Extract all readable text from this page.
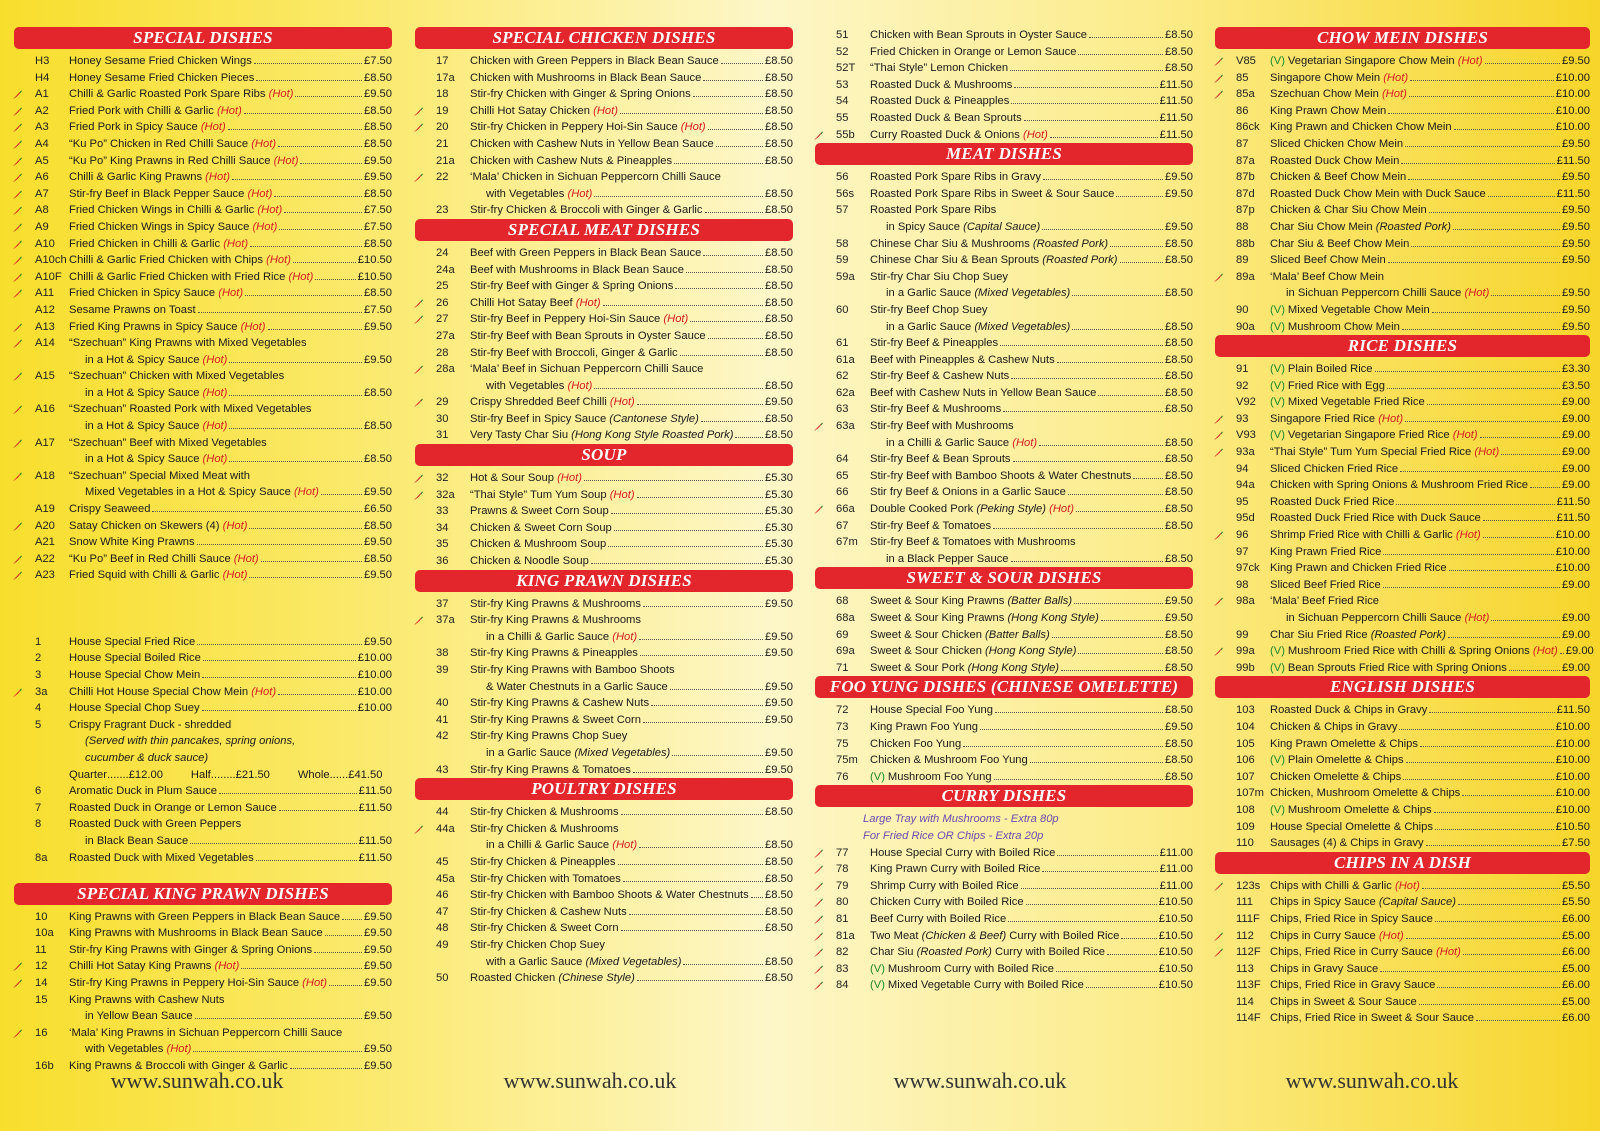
SPECIAL DISHES
H3	Honey Sesame Fried Chicken Wings	£7.50
H4	Honey Sesame Fried Chicken Pieces	£8.50
A1	Chilli & Garlic Roasted Pork Spare Ribs (Hot)	£9.50
A2	Fried Pork with Chilli & Garlic (Hot)	£8.50
A3	Fried Pork in Spicy Sauce (Hot)	£8.50
A4	“Ku Po” Chicken in Red Chilli Sauce (Hot)	£8.50
A5	“Ku Po” King Prawns in Red Chilli Sauce (Hot)	£9.50
A6	Chilli & Garlic King Prawns (Hot)	£9.50
A7	Stir-fry Beef in Black Pepper Sauce (Hot)	£8.50
A8	Fried Chicken Wings in Chilli & Garlic (Hot)	£7.50
A9	Fried Chicken Wings in Spicy Sauce (Hot)	£7.50
A10	Fried Chicken in Chilli & Garlic (Hot)	£8.50
A10ch Chilli & Garlic Fried Chicken with Chips (Hot)	£10.50
A10F Chilli & Garlic Fried Chicken with Fried Rice (Hot)	£10.50
A11	Fried Chicken in Spicy Sauce (Hot)	£8.50
A12	Sesame Prawns on Toast	£7.50
A13	Fried King Prawns in Spicy Sauce (Hot)	£9.50
A14	“Szechuan” King Prawns with Mixed Vegetables
in a Hot & Spicy Sauce (Hot)	£9.50
A15	“Szechuan” Chicken with Mixed Vegetables
in a Hot & Spicy Sauce (Hot)	£8.50
A16	“Szechuan” Roasted Pork with Mixed Vegetables
in a Hot & Spicy Sauce (Hot)	£8.50
A17	“Szechuan” Beef with Mixed Vegetables
in a Hot & Spicy Sauce (Hot)	£8.50
A18	“Szechuan” Special Mixed Meat with
Mixed Vegetables in a Hot & Spicy Sauce (Hot)	£9.50
A19	Crispy Seaweed	£6.50
A20	Satay Chicken on Skewers (4) (Hot)	£8.50
A21	Snow White King Prawns	£9.50
A22	“Ku Po” Beef in Red Chilli Sauce (Hot)	£8.50
A23	Fried Squid with Chilli & Garlic (Hot)	£9.50
1	House Special Fried Rice	£9.50
2	House Special Boiled Rice	£10.00
3	House Special Chow Mein	£10.00
3a	Chilli Hot House Special Chow Mein (Hot)	£10.00
4	House Special Chop Suey	£10.00
5	Crispy Fragrant Duck - shredded
(Served with thin pancakes, spring onions,
cucumber & duck sauce)
Quarter ....... £12.00 Half ........ £21.50 Whole ...... £41.50
6	Aromatic Duck in Plum Sauce	£11.50
7	Roasted Duck in Orange or Lemon Sauce	£11.50
8	Roasted Duck with Green Peppers
in Black Bean Sauce	£11.50
8a	Roasted Duck with Mixed Vegetables	£11.50
SPECIAL KING PRAWN DISHES
10	King Prawns with Green Peppers in Black Bean Sauce £9.50
10a	King Prawns with Mushrooms in Black Bean Sauce	£9.50
11	Stir-fry King Prawns with Ginger & Spring Onions	£9.50
12	Chilli Hot Satay King Prawns (Hot)	£9.50
14	Stir-fry King Prawns in Peppery Hoi-Sin Sauce (Hot)	£9.50
15	King Prawns with Cashew Nuts
in Yellow Bean Sauce	£9.50
16	‘Mala’ King Prawns in Sichuan Peppercorn Chilli Sauce
with Vegetables (Hot)	£9.50
16b	King Prawns & Broccoli with Ginger & Garlic	£9.50
SPECIAL CHICKEN DISHES
17	Chicken with Green Peppers in Black Bean Sauce	£8.50
17a	Chicken with Mushrooms in Black Bean Sauce	£8.50
18	Stir-fry Chicken with Ginger & Spring Onions	£8.50
19	Chilli Hot Satay Chicken (Hot)	£8.50
20	Stir-fry Chicken in Peppery Hoi-Sin Sauce (Hot)	£8.50
21	Chicken with Cashew Nuts in Yellow Bean Sauce	£8.50
21a	Chicken with Cashew Nuts & Pineapples	£8.50
22	‘Mala’ Chicken in Sichuan Peppercorn Chilli Sauce
with Vegetables (Hot)	£8.50
23	Stir-fry Chicken & Broccoli with Ginger & Garlic	£8.50
SPECIAL MEAT DISHES
24	Beef with Green Peppers in Black Bean Sauce	£8.50
24a	Beef with Mushrooms in Black Bean Sauce	£8.50
25	Stir-fry Beef with Ginger & Spring Onions	£8.50
26	Chilli Hot Satay Beef (Hot)	£8.50
27	Stir-fry Beef in Peppery Hoi-Sin Sauce (Hot)	£8.50
27a	Stir-fry Beef with Bean Sprouts in Oyster Sauce	£8.50
28	Stir-fry Beef with Broccoli, Ginger & Garlic	£8.50
28a	‘Mala’ Beef in Sichuan Peppercorn Chilli Sauce
with Vegetables (Hot)	£8.50
29	Crispy Shredded Beef Chilli (Hot)	£9.50
30	Stir-fry Beef in Spicy Sauce (Cantonese Style)	£8.50
31	Very Tasty Char Siu (Hong Kong Style Roasted Pork)	£8.50
SOUP
32	Hot & Sour Soup (Hot)	£5.30
32a	“Thai Style” Tum Yum Soup (Hot)	£5.30
33	Prawns & Sweet Corn Soup	£5.30
34	Chicken & Sweet Corn Soup	£5.30
35	Chicken & Mushroom Soup	£5.30
36	Chicken & Noodle Soup	£5.30
KING PRAWN DISHES
37	Stir-fry King Prawns & Mushrooms	£9.50
37a	Stir-fry King Prawns & Mushrooms
in a Chilli & Garlic Sauce (Hot)	£9.50
38	Stir-fry King Prawns & Pineapples	£9.50
39	Stir-fry King Prawns with Bamboo Shoots
& Water Chestnuts in a Garlic Sauce	£9.50
40	Stir-fry King Prawns & Cashew Nuts	£9.50
41	Stir-fry King Prawns & Sweet Corn	£9.50
42	Stir-fry King Prawns Chop Suey
in a Garlic Sauce (Mixed Vegetables)	£9.50
43	Stir-fry King Prawns & Tomatoes	£9.50
POULTRY DISHES
44	Stir-fry Chicken & Mushrooms	£8.50
44a	Stir-fry Chicken & Mushrooms
in a Chilli & Garlic Sauce (Hot)	£8.50
45	Stir-fry Chicken & Pineapples	£8.50
45a	Stir-fry Chicken with Tomatoes	£8.50
46	Stir-fry Chicken with Bamboo Shoots & Water Chestnuts £8.50
47	Stir-fry Chicken & Cashew Nuts	£8.50
48	Stir-fry Chicken & Sweet Corn	£8.50
49	Stir-fry Chicken Chop Suey
with a Garlic Sauce (Mixed Vegetables)	£8.50
50	Roasted Chicken (Chinese Style)	£8.50
51	Chicken with Bean Sprouts in Oyster Sauce	£8.50
52	Fried Chicken in Orange or Lemon Sauce	£8.50
52T	“Thai Style” Lemon Chicken	£8.50
53	Roasted Duck & Mushrooms	£11.50
54	Roasted Duck & Pineapples	£11.50
55	Roasted Duck & Bean Sprouts	£11.50
55b	Curry Roasted Duck & Onions (Hot)	£11.50
MEAT DISHES
56	Roasted Pork Spare Ribs in Gravy	£9.50
56s	Roasted Pork Spare Ribs in Sweet & Sour Sauce	£9.50
57	Roasted Pork Spare Ribs
in Spicy Sauce (Capital Sauce)	£9.50
58	Chinese Char Siu & Mushrooms (Roasted Pork)	£8.50
59	Chinese Char Siu & Bean Sprouts (Roasted Pork)	£8.50
59a	Stir-fry Char Siu Chop Suey
in a Garlic Sauce (Mixed Vegetables)	£8.50
60	Stir-fry Beef Chop Suey
in a Garlic Sauce (Mixed Vegetables)	£8.50
61	Stir-fry Beef & Pineapples	£8.50
61a	Beef with Pineapples & Cashew Nuts	£8.50
62	Stir-fry Beef & Cashew Nuts	£8.50
62a	Beef with Cashew Nuts in Yellow Bean Sauce	£8.50
63	Stir-fry Beef & Mushrooms	£8.50
63a	Stir-fry Beef with Mushrooms
in a Chilli & Garlic Sauce (Hot)	£8.50
64	Stir-fry Beef & Bean Sprouts	£8.50
65	Stir-fry Beef with Bamboo Shoots & Water Chestnuts	£8.50
66	Stir fry Beef & Onions in a Garlic Sauce	£8.50
66a	Double Cooked Pork (Peking Style) (Hot)	£8.50
67	Stir-fry Beef & Tomatoes	£8.50
67m	Stir-fry Beef & Tomatoes with Mushrooms
in a Black Pepper Sauce	£8.50
SWEET & SOUR DISHES
68	Sweet & Sour King Prawns (Batter Balls)	£9.50
68a	Sweet & Sour King Prawns (Hong Kong Style)	£9.50
69	Sweet & Sour Chicken (Batter Balls)	£8.50
69a	Sweet & Sour Chicken (Hong Kong Style)	£8.50
71	Sweet & Sour Pork (Hong Kong Style)	£8.50
FOO YUNG DISHES (CHINESE OMELETTE)
72	House Special Foo Yung	£8.50
73	King Prawn Foo Yung	£9.50
75	Chicken Foo Yung	£8.50
75m	Chicken & Mushroom Foo Yung	£8.50
76	(V) Mushroom Foo Yung	£8.50
CURRY DISHES
Large Tray with Mushrooms - Extra 80p
For Fried Rice OR Chips - Extra 20p
77	House Special Curry with Boiled Rice	£11.00
78	King Prawn Curry with Boiled Rice	£11.00
79	Shrimp Curry with Boiled Rice	£11.00
80	Chicken Curry with Boiled Rice	£10.50
81	Beef Curry with Boiled Rice	£10.50
81a	Two Meat (Chicken & Beef) Curry with Boiled Rice	£10.50
82	Char Siu (Roasted Pork) Curry with Boiled Rice	£10.50
83	(V) Mushroom Curry with Boiled Rice	£10.50
84	(V) Mixed Vegetable Curry with Boiled Rice	£10.50
CHOW MEIN DISHES
V85	(V) Vegetarian Singapore Chow Mein (Hot)	£9.50
85	Singapore Chow Mein (Hot)	£10.00
85a	Szechuan Chow Mein (Hot)	£10.00
86	King Prawn Chow Mein	£10.00
86ck King Prawn and Chicken Chow Mein	£10.00
87	Sliced Chicken Chow Mein	£9.50
87a	Roasted Duck Chow Mein	£11.50
87b	Chicken & Beef Chow Mein	£9.50
87d	Roasted Duck Chow Mein with Duck Sauce	£11.50
87p	Chicken & Char Siu Chow Mein	£9.50
88	Char Siu Chow Mein (Roasted Pork)	£9.50
88b	Char Siu & Beef Chow Mein	£9.50
89	Sliced Beef Chow Mein	£9.50
89a	‘Mala’ Beef Chow Mein
in Sichuan Peppercorn Chilli Sauce (Hot)	£9.50
90	(V) Mixed Vegetable Chow Mein	£9.50
90a	(V) Mushroom Chow Mein	£9.50
RICE DISHES
91	(V) Plain Boiled Rice	£3.30
92	(V) Fried Rice with Egg	£3.50
V92	(V) Mixed Vegetable Fried Rice	£9.00
93	Singapore Fried Rice (Hot)	£9.00
V93	(V) Vegetarian Singapore Fried Rice (Hot)	£9.00
93a	“Thai Style” Tum Yum Special Fried Rice (Hot)	£9.00
94	Sliced Chicken Fried Rice	£9.00
94a	Chicken with Spring Onions & Mushroom Fried Rice	£9.00
95	Roasted Duck Fried Rice	£11.50
95d	Roasted Duck Fried Rice with Duck Sauce	£11.50
96	Shrimp Fried Rice with Chilli & Garlic (Hot)	£10.00
97	King Prawn Fried Rice	£10.00
97ck King Prawn and Chicken Fried Rice	£10.00
98	Sliced Beef Fried Rice	£9.00
98a	‘Mala’ Beef Fried Rice
in Sichuan Peppercorn Chilli Sauce (Hot)	£9.00
99	Char Siu Fried Rice (Roasted Pork)	£9.00
99a	(V) Mushroom Fried Rice with Chilli & Spring Onions (Hot) £9.00
99b	(V) Bean Sprouts Fried Rice with Spring Onions	£9.00
ENGLISH DISHES
103	Roasted Duck & Chips in Gravy	£11.50
104	Chicken & Chips in Gravy	£10.00
105	King Prawn Omelette & Chips	£10.00
106	(V) Plain Omelette & Chips	£10.00
107	Chicken Omelette & Chips	£10.00
107m Chicken, Mushroom Omelette & Chips	£10.00
108	(V) Mushroom Omelette & Chips	£10.00
109	House Special Omelette & Chips	£10.50
110	Sausages (4) & Chips in Gravy	£7.50
CHIPS IN A DISH
123s Chips with Chilli & Garlic (Hot)	£5.50
111	Chips in Spicy Sauce (Capital Sauce)	£5.50
111F Chips, Fried Rice in Spicy Sauce	£6.00
112	Chips in Curry Sauce (Hot)	£5.00
112F Chips, Fried Rice in Curry Sauce (Hot)	£6.00
113	Chips in Gravy Sauce	£5.00
113F Chips, Fried Rice in Gravy Sauce	£6.00
114	Chips in Sweet & Sour Sauce	£5.00
114F Chips, Fried Rice in Sweet & Sour Sauce	£6.00
www.sunwah.co.uk	www.sunwah.co.uk	www.sunwah.co.uk	www.sunwah.co.uk
